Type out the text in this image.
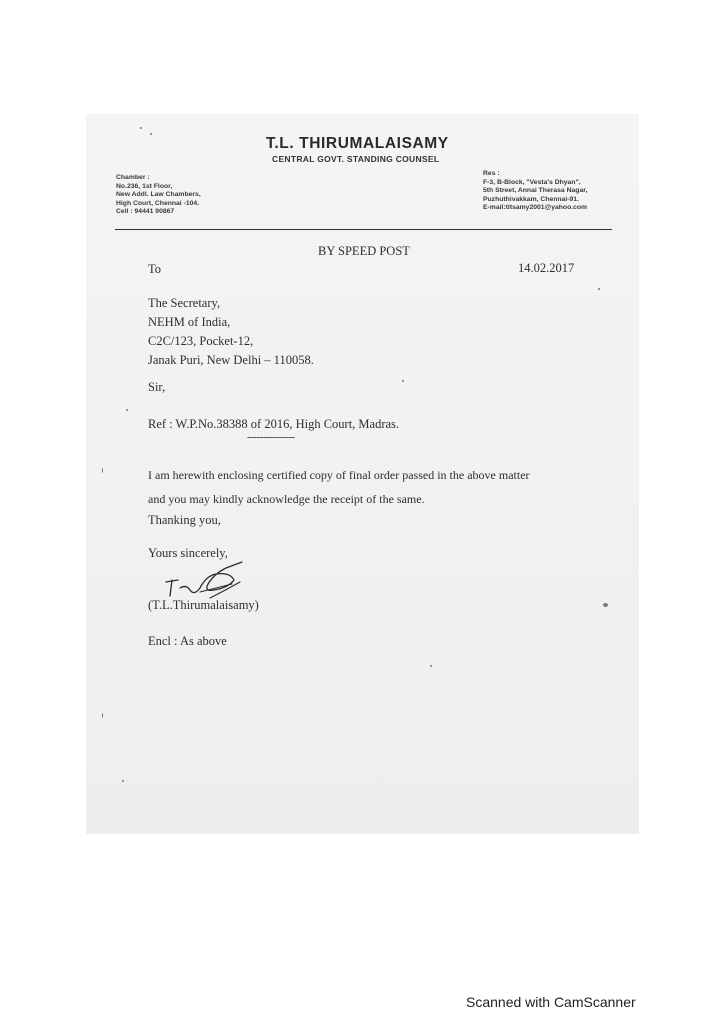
T.L. THIRUMALAISAMY
CENTRAL GOVT. STANDING COUNSEL
Chamber :
No.236, 1st Floor,
New Addl. Law Chambers,
High Court, Chennai -104.
Cell : 94441 90867
Res :
F-3, B-Block, "Vesta's Dhyan",
5th Street, Annai Therasa Nagar,
Puzhuthivakkam, Chennai-91.
E-mail:tltsamy2001@yahoo.com
BY SPEED POST
To	14.02.2017
The Secretary,
NEHM of India,
C2C/123, Pocket-12,
Janak Puri, New Delhi – 110058.
Sir,
Ref : W.P.No.38388 of 2016, High Court, Madras.
---------------
I am herewith enclosing certified copy of final order passed in the above matter
and you may kindly acknowledge the receipt of the same.
Thanking you,
Yours sincerely,
(T.L.Thirumalaisamy)
Encl : As above
Scanned with CamScanner
